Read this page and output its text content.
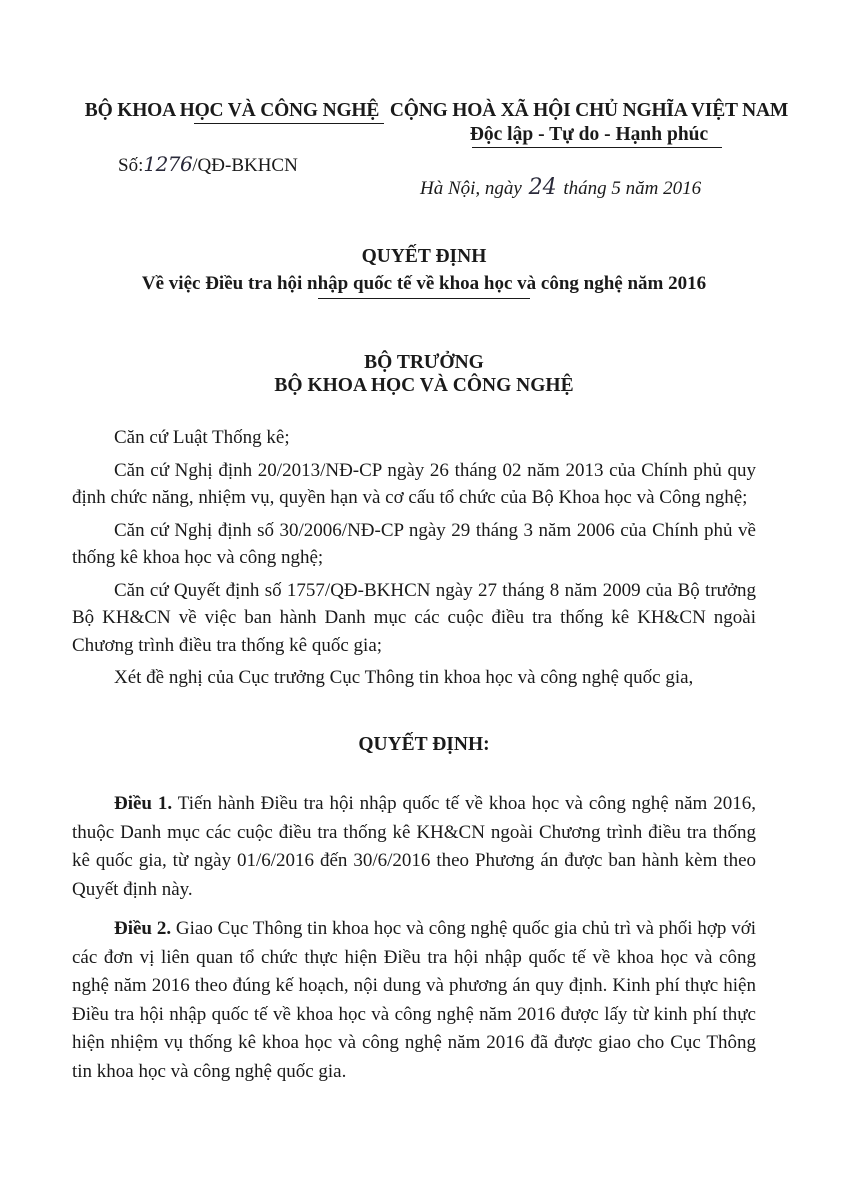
BỘ KHOA HỌC VÀ CÔNG NGHỆ CỘNG HOÀ XÃ HỘI CHỦ NGHĨA VIỆT NAM
Độc lập - Tự do - Hạnh phúc
Số:1276/QĐ-BKHCN
Hà Nội, ngày 24 tháng 5 năm 2016
QUYẾT ĐỊNH
Về việc Điều tra hội nhập quốc tế về khoa học và công nghệ năm 2016
BỘ TRƯỞNG
BỘ KHOA HỌC VÀ CÔNG NGHỆ

Căn cứ Luật Thống kê;

Căn cứ Nghị định 20/2013/NĐ-CP ngày 26 tháng 02 năm 2013 của Chính phủ quy định chức năng, nhiệm vụ, quyền hạn và cơ cấu tổ chức của Bộ Khoa học và Công nghệ;

Căn cứ Nghị định số 30/2006/NĐ-CP ngày 29 tháng 3 năm 2006 của Chính phủ về thống kê khoa học và công nghệ;

Căn cứ Quyết định số 1757/QĐ-BKHCN ngày 27 tháng 8 năm 2009 của Bộ trưởng Bộ KH&CN về việc ban hành Danh mục các cuộc điều tra thống kê KH&CN ngoài Chương trình điều tra thống kê quốc gia;

Xét đề nghị của Cục trưởng Cục Thông tin khoa học và công nghệ quốc gia,

QUYẾT ĐỊNH:

Điều 1. Tiến hành Điều tra hội nhập quốc tế về khoa học và công nghệ năm 2016, thuộc Danh mục các cuộc điều tra thống kê KH&CN ngoài Chương trình điều tra thống kê quốc gia, từ ngày 01/6/2016 đến 30/6/2016 theo Phương án được ban hành kèm theo Quyết định này.

Điều 2. Giao Cục Thông tin khoa học và công nghệ quốc gia chủ trì và phối hợp với các đơn vị liên quan tổ chức thực hiện Điều tra hội nhập quốc tế về khoa học và công nghệ năm 2016 theo đúng kế hoạch, nội dung và phương án quy định. Kinh phí thực hiện Điều tra hội nhập quốc tế về khoa học và công nghệ năm 2016 được lấy từ kinh phí thực hiện nhiệm vụ thống kê khoa học và công nghệ năm 2016 đã được giao cho Cục Thông tin khoa học và công nghệ quốc gia.
